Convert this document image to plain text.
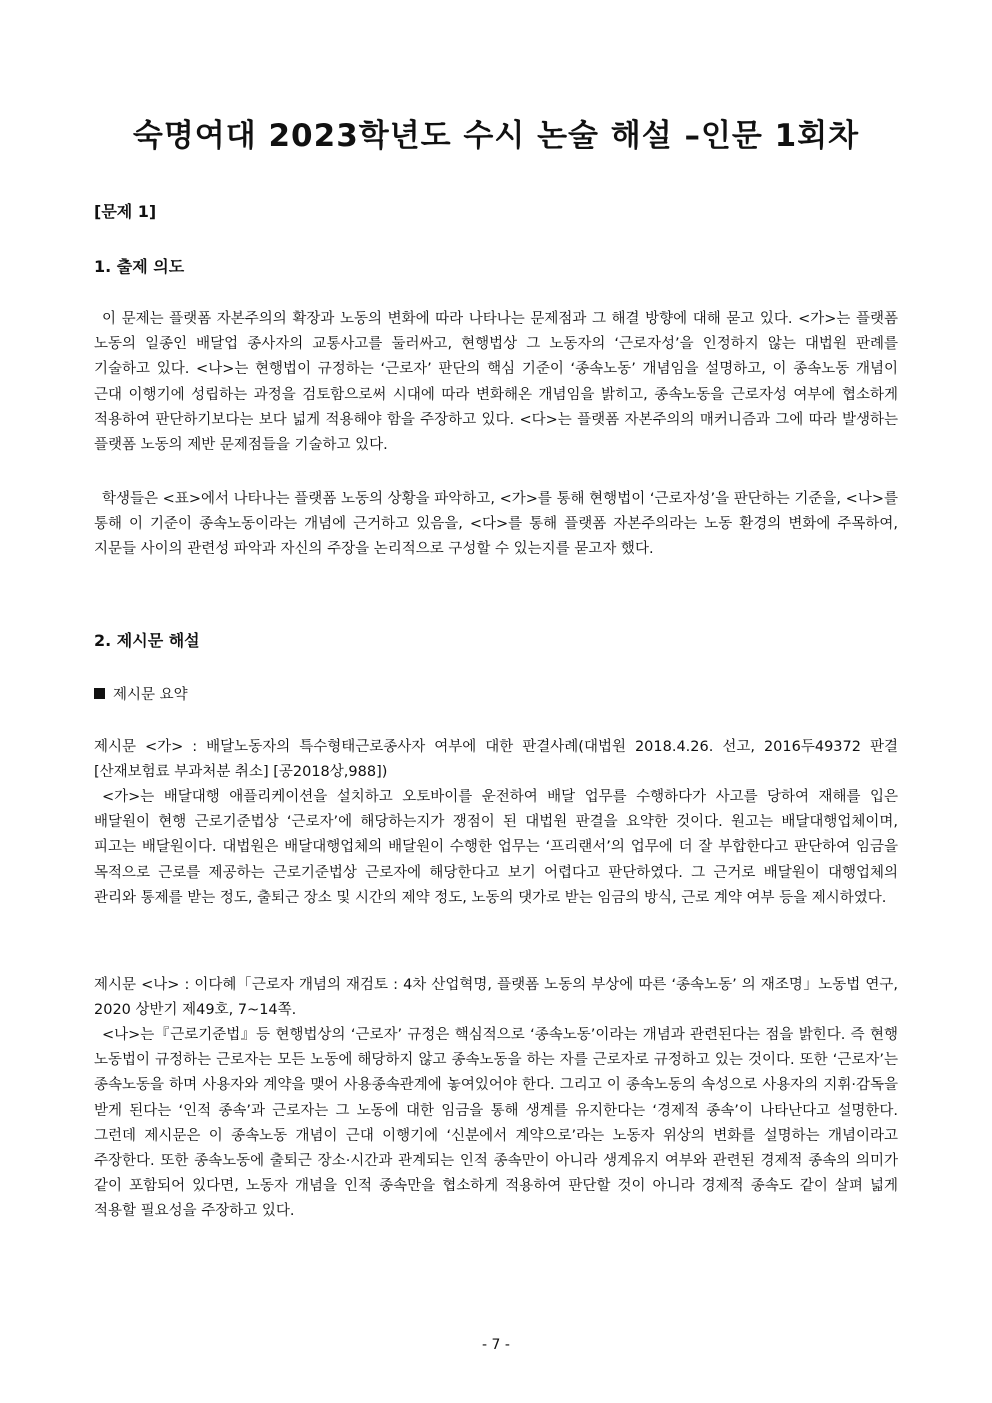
숙명여대 2023학년도 수시 논술 해설 –인문 1회차
[문제 1]
1. 출제 의도
이 문제는 플랫폼 자본주의의 확장과 노동의 변화에 따라 나타나는 문제점과 그 해결 방향에 대해 묻고 있다. <가>는 플랫폼 노동의 일종인 배달업 종사자의 교통사고를 둘러싸고, 현행법상 그 노동자의 ‘근로자성’을 인정하지 않는 대법원 판례를 기술하고 있다. <나>는 현행법이 규정하는 ‘근로자’ 판단의 핵심 기준이 ‘종속노동’ 개념임을 설명하고, 이 종속노동 개념이 근대 이행기에 성립하는 과정을 검토함으로써 시대에 따라 변화해온 개념임을 밝히고, 종속노동을 근로자성 여부에 협소하게 적용하여 판단하기보다는 보다 넓게 적용해야 함을 주장하고 있다. <다>는 플랫폼 자본주의의 매커니즘과 그에 따라 발생하는 플랫폼 노동의 제반 문제점들을 기술하고 있다.
학생들은 <표>에서 나타나는 플랫폼 노동의 상황을 파악하고, <가>를 통해 현행법이 ‘근로자성’을 판단하는 기준을, <나>를 통해 이 기준이 종속노동이라는 개념에 근거하고 있음을, <다>를 통해 플랫폼 자본주의라는 노동 환경의 변화에 주목하여, 지문들 사이의 관련성 파악과 자신의 주장을 논리적으로 구성할 수 있는지를 묻고자 했다.
2. 제시문 해설
제시문 요약
제시문 <가> : 배달노동자의 특수형태근로종사자 여부에 대한 판결사례(대법원 2018.4.26. 선고, 2016두49372 판결 [산재보험료 부과처분 취소] [공2018상,988])
<가>는 배달대행 애플리케이션을 설치하고 오토바이를 운전하여 배달 업무를 수행하다가 사고를 당하여 재해를 입은 배달원이 현행 근로기준법상 ‘근로자’에 해당하는지가 쟁점이 된 대법원 판결을 요약한 것이다. 원고는 배달대행업체이며, 피고는 배달원이다. 대법원은 배달대행업체의 배달원이 수행한 업무는 ‘프리랜서’의 업무에 더 잘 부합한다고 판단하여 임금을 목적으로 근로를 제공하는 근로기준법상 근로자에 해당한다고 보기 어렵다고 판단하였다. 그 근거로 배달원이 대행업체의 관리와 통제를 받는 정도, 출퇴근 장소 및 시간의 제약 정도, 노동의 댓가로 받는 임금의 방식, 근로 계약 여부 등을 제시하였다.
제시문 <나> : 이다혜「근로자 개념의 재검토 : 4차 산업혁명, 플랫폼 노동의 부상에 따른 ‘종속노동’ 의 재조명」노동법 연구, 2020 상반기 제49호, 7~14쪽.
<나>는『근로기준법』등 현행법상의 ‘근로자’ 규정은 핵심적으로 ‘종속노동’이라는 개념과 관련된다는 점을 밝힌다. 즉 현행 노동법이 규정하는 근로자는 모든 노동에 해당하지 않고 종속노동을 하는 자를 근로자로 규정하고 있는 것이다. 또한 ‘근로자’는 종속노동을 하며 사용자와 계약을 맺어 사용종속관계에 놓여있어야 한다. 그리고 이 종속노동의 속성으로 사용자의 지휘·감독을 받게 된다는 ‘인적 종속’과 근로자는 그 노동에 대한 임금을 통해 생계를 유지한다는 ‘경제적 종속’이 나타난다고 설명한다. 그런데 제시문은 이 종속노동 개념이 근대 이행기에 ‘신분에서 계약으로’라는 노동자 위상의 변화를 설명하는 개념이라고 주장한다. 또한 종속노동에 출퇴근 장소·시간과 관계되는 인적 종속만이 아니라 생계유지 여부와 관련된 경제적 종속의 의미가 같이 포함되어 있다면, 노동자 개념을 인적 종속만을 협소하게 적용하여 판단할 것이 아니라 경제적 종속도 같이 살펴 넓게 적용할 필요성을 주장하고 있다.
- 7 -
